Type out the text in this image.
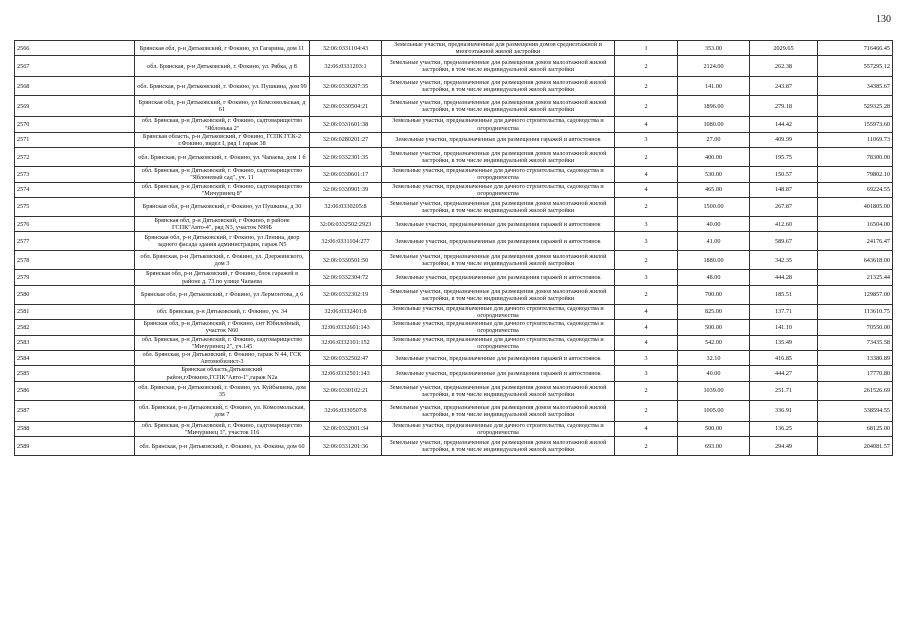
130
2566	Брянская обл, р-н Дятьковский, г Фокино, ул Гагарина, дом 11	32:06:0331104:43	Земельные участки, предназначенные для размещения домов среднеэтажной и многоэтажной жилой застройки	1	353.00	2029.65	716466.45
2567	обл. Брянская, р-н Дятьковский, г. Фокино, ул. Рябка, д 8	32:06:0331203:1	Земельные участки, предназначенные для размещения домов малоэтажной жилой застройки, в том числе индивидуальной жилой застройки	2	2124.00	262.38	557295.12
2568	обл. Брянская, р-н Дятьковский, г. Фокино, ул. Пушкина, дом 99	32:06:0330207:35	Земельные участки, предназначенные для размещения домов малоэтажной жилой застройки, в том числе индивидуальной жилой застройки	2	141.00	243.87	34385.67
2569	Брянская обл, р-н Дятьковский, г Фокино, ул Комсомольская, д 61	32:06:0330504:21	Земельные участки, предназначенные для размещения домов малоэтажной жилой застройки, в том числе индивидуальной жилой застройки	2	1896.00	279.18	529325.28
2570	обл. Брянская, р-н Дятьковский, г. Фокино, садтоварищество "Яблонька 2"	32:06:0331601:38	Земельные участки, предназначенные для дачного строительства, садоводства и огородничества	4	1080.00	144.42	155973.60
2571	Брянская область, р-н Дятьковский, г Фокино, ГСПК ГСК-2 г.Фокино, видел I, ряд 1 гараж 38	32:06:0280201:27	Земельные участки, предназначенные для размещения гаражей и автостоянок	3	27.00	409.99	11069.73
2572	обл. Брянская, р-н Дятьковский, г. Фокино, ул. Чапаева, дом 1 б	32:06:0332301:35	Земельные участки, предназначенные для размещения домов малоэтажной жилой застройки, в том числе индивидуальной жилой застройки	2	400.00	195.75	78300.00
2573	обл. Брянская, р-н Дятьковский, г. Фокино, садтоварищество "Яблоневый сад", уч. 11	32:06:0330601:17	Земельные участки, предназначенные для дачного строительства, садоводства и огородничества	4	530.00	150.57	79802.10
2574	обл. Брянская, р-н Дятьковский, г. Фокино, садтоварищество "Мичуринец 8"	32:06:0330901:39	Земельные участки, предназначенные для дачного строительства, садоводства и огородничества	4	465.00	148.87	69224.55
2575	Брянская обл, р-н Дятьковский, г Фокино, ул Пушкина, д 30	32:06:0330205:8	Земельные участки, предназначенные для размещения домов малоэтажной жилой застройки, в том числе индивидуальной жилой застройки	2	1500.00	267.87	401805.00
2576	Брянская обл, р-н Дятьковский, г Фокино, в районе ГСПК"Авто-4", ряд N3, участок N99Б	32:06:0332502:2923	Земельные участки, предназначенные для размещения гаражей и автостоянок	3	40.00	412.60	16504.00
2577	Брянская обл, р-н Дятьковский, г Фокино, ул Ленина, двор заднего фасада здания администрации, гараж N5	32:06:0331104:277	Земельные участки, предназначенные для размещения гаражей и автостоянок	3	41.00	589.67	24176.47
2578	обл. Брянская, р-н Дятьковский, г. Фокино, ул. Дзержинского, дом 3	32:06:0330501:50	Земельные участки, предназначенные для размещения домов малоэтажной жилой застройки, в том числе индивидуальной жилой застройки	2	1880.00	342.35	643618.00
2579	Брянская обл, р-н Дятьковский, г Фокино, блок гаражей в районе д. 73 по улице Чапаева	32:06:0332304:72	Земельные участки, предназначенные для размещения гаражей и автостоянок	3	48.00	444.28	21325.44
2580	Брянская обл, р-н Дятьковский, г Фокино, ул Лермонтова, д 6	32:06:0332302:19	Земельные участки, предназначенные для размещения домов малоэтажной жилой застройки, в том числе индивидуальной жилой застройки	2	700.00	185.51	129857.00
2581	обл. Брянская, р-н Дятьковский, г. Фокино, уч. 34	32:06:0332401:8	Земельные участки, предназначенные для дачного строительства, садоводства и огородничества	4	825.00	137.71	113610.75
2582	Брянская обл, р-н Дятьковский, г Фокино, снт Юбилейный, участок N60	32:06:0332601:143	Земельные участки, предназначенные для дачного строительства, садоводства и огородничества	4	500.00	141.10	70550.00
2583	обл. Брянская, р-н Дятьковский, г. Фокино, садтоварищество "Мичуринец 2", уч.145	32:06:0332101:152	Земельные участки, предназначенные для дачного строительства, садоводства и огородничества	4	542.00	135.49	73435.58
2584	обл. Брянская, р-н Дятьковский, г. Фокино, гараж N 44, ГСК Автомобилист-3	32:06:0332502:47	Земельные участки, предназначенные для размещения гаражей и автостоянок	3	32.10	416.85	13380.89
2585	Брянская область,Дятьковский район,г.Фокино,ГСПК"Авто-1",гараж N2a	32:06:0332501:143	Земельные участки, предназначенные для размещения гаражей и автостоянок	3	40.00	444.27	17770.80
2586	обл. Брянская, р-н Дятьковский, г. Фокино, ул. Куйбышева, дом 35	32:06:0330102:21	Земельные участки, предназначенные для размещения домов малоэтажной жилой застройки, в том числе индивидуальной жилой застройки	2	1039.00	251.71	261526.69
2587	обл. Брянская, р-н Дятьковский, г. Фокино, ул. Комсомольская, дом 7	32:06:0330507:8	Земельные участки, предназначенные для размещения домов малоэтажной жилой застройки, в том числе индивидуальной жилой застройки	2	1005.00	336.91	338594.55
2588	обл. Брянская, р-н Дятьковский, г. Фокино, садтоварищество "Мичуринец 3", участок 116	32:06:0332001:34	Земельные участки, предназначенные для дачного строительства, садоводства и огородничества	4	500.00	136.25	68125.00
2589	обл. Брянская, р-н Дятьковский, г. Фокино, ул. Фокина, дом 60	32:06:0331201:36	Земельные участки, предназначенные для размещения домов малоэтажной жилой застройки, в том числе индивидуальной жилой застройки	2	693.00	294.49	204081.57
